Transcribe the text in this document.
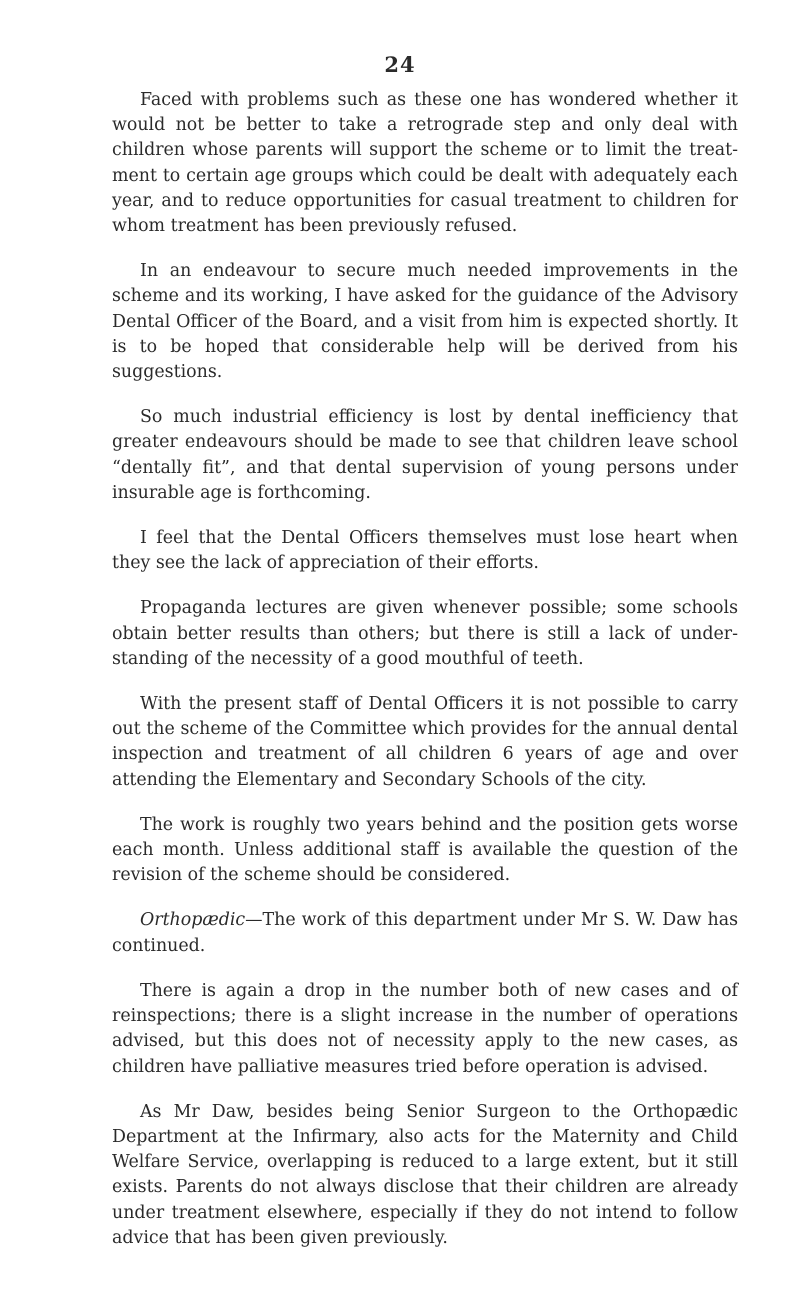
24

Faced with problems such as these one has wondered whether it would not be better to take a retrograde step and only deal with children whose parents will support the scheme or to limit the treatment to certain age groups which could be dealt with adequately each year, and to reduce opportunities for casual treatment to children for whom treatment has been previously refused.

In an endeavour to secure much needed improvements in the scheme and its working, I have asked for the guidance of the Advisory Dental Officer of the Board, and a visit from him is expected shortly. It is to be hoped that considerable help will be derived from his suggestions.

So much industrial efficiency is lost by dental inefficiency that greater endeavours should be made to see that children leave school “dentally fit”, and that dental supervision of young persons under insurable age is forthcoming.

I feel that the Dental Officers themselves must lose heart when they see the lack of appreciation of their efforts.

Propaganda lectures are given whenever possible; some schools obtain better results than others; but there is still a lack of understanding of the necessity of a good mouthful of teeth.

With the present staff of Dental Officers it is not possible to carry out the scheme of the Committee which provides for the annual dental inspection and treatment of all children 6 years of age and over attending the Elementary and Secondary Schools of the city.

The work is roughly two years behind and the position gets worse each month. Unless additional staff is available the question of the revision of the scheme should be considered.

Orthopædic—The work of this department under Mr S. W. Daw has continued.

There is again a drop in the number both of new cases and of reinspections; there is a slight increase in the number of operations advised, but this does not of necessity apply to the new cases, as children have palliative measures tried before operation is advised.

As Mr Daw, besides being Senior Surgeon to the Orthopædic Department at the Infirmary, also acts for the Maternity and Child Welfare Service, overlapping is reduced to a large extent, but it still exists. Parents do not always disclose that their children are already under treatment elsewhere, especially if they do not intend to follow advice that has been given previously.
